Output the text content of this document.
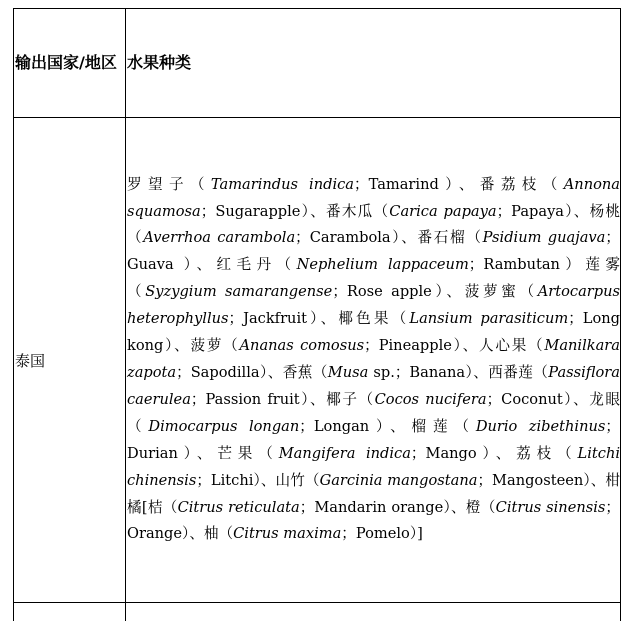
输出国家/地区	水果种类

泰国	罗望子（Tamarindus indica；Tamarind）、番荔枝（Annona squamosa；Sugarapple）、番木瓜（Carica papaya；Papaya）、杨桃（Averrhoa carambola；Carambola）、番石榴（Psidium guajava；Guava ）、红毛丹（Nephelium lappaceum；Rambutan）莲雾（Syzygium samarangense；Rose apple）、菠萝蜜（Artocarpus heterophyllus；Jackfruit）、椰色果（Lansium parasiticum；Long kong）、菠萝（Ananas comosus；Pineapple）、人心果（Manilkara zapota；Sapodilla）、香蕉（Musa sp.；Banana）、西番莲（Passiflora caerulea；Passion fruit）、椰子（Cocos nucifera；Coconut）、龙眼（Dimocarpus longan；Longan）、榴莲（Durio zibethinus；Durian）、芒果（Mangifera indica；Mango）、荔枝（Litchi chinensis；Litchi）、山竹（Garcinia mangostana；Mangosteen）、柑橘[桔（Citrus reticulata；Mandarin orange）、橙（Citrus sinensis；Orange）、柚（Citrus maxima；Pomelo）]
